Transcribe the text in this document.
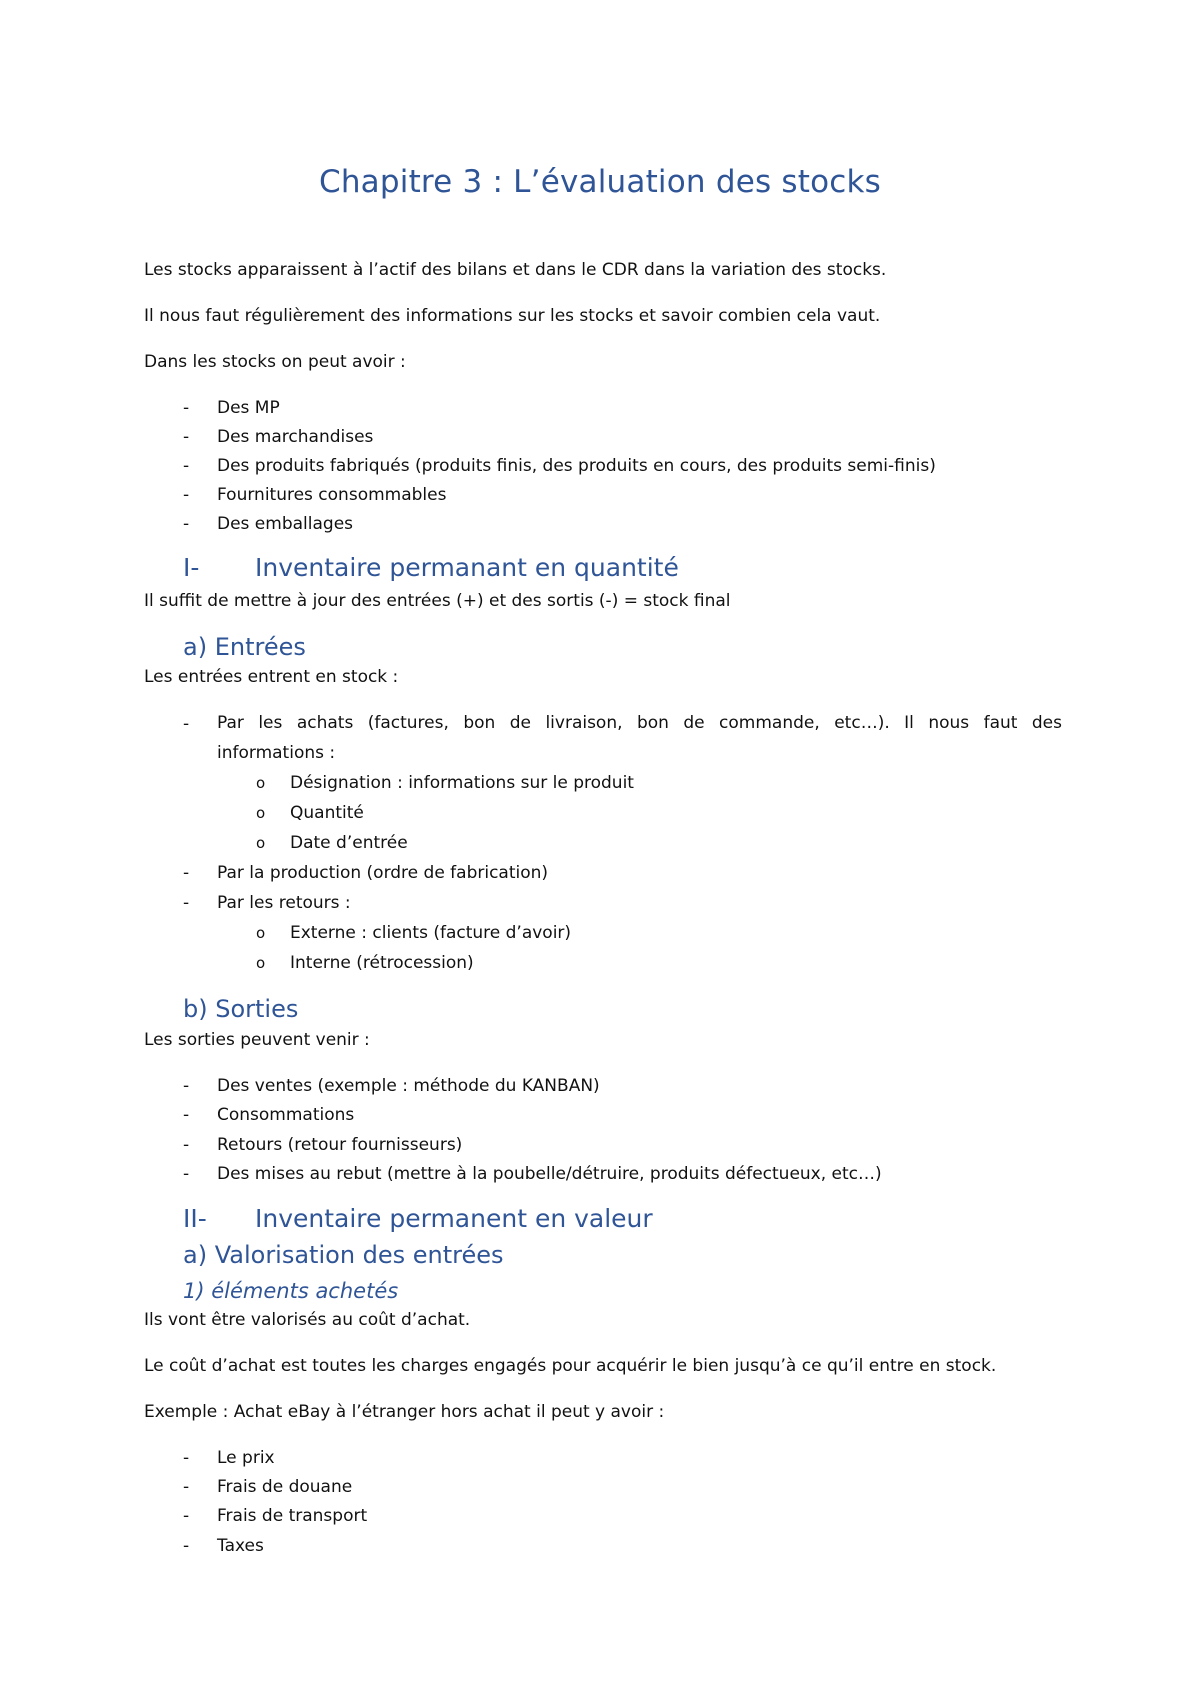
Chapitre 3 : L’évaluation des stocks
Les stocks apparaissent à l’actif des bilans et dans le CDR dans la variation des stocks.
Il nous faut régulièrement des informations sur les stocks et savoir combien cela vaut.
Dans les stocks on peut avoir :
- Des MP
- Des marchandises
- Des produits fabriqués (produits finis, des produits en cours, des produits semi-finis)
- Fournitures consommables
- Des emballages
I- Inventaire permanant en quantité
Il suffit de mettre à jour des entrées (+) et des sortis (-) = stock final
a) Entrées
Les entrées entrent en stock :
- Par les achats (factures, bon de livraison, bon de commande, etc…). Il nous faut des
informations :
o Désignation : informations sur le produit
o Quantité
o Date d’entrée
- Par la production (ordre de fabrication)
- Par les retours :
o Externe : clients (facture d’avoir)
o Interne (rétrocession)
b) Sorties
Les sorties peuvent venir :
- Des ventes (exemple : méthode du KANBAN)
- Consommations
- Retours (retour fournisseurs)
- Des mises au rebut (mettre à la poubelle/détruire, produits défectueux, etc…)
II- Inventaire permanent en valeur
a) Valorisation des entrées
1) éléments achetés
Ils vont être valorisés au coût d’achat.
Le coût d’achat est toutes les charges engagés pour acquérir le bien jusqu’à ce qu’il entre en stock.
Exemple : Achat eBay à l’étranger hors achat il peut y avoir :
- Le prix
- Frais de douane
- Frais de transport
- Taxes
